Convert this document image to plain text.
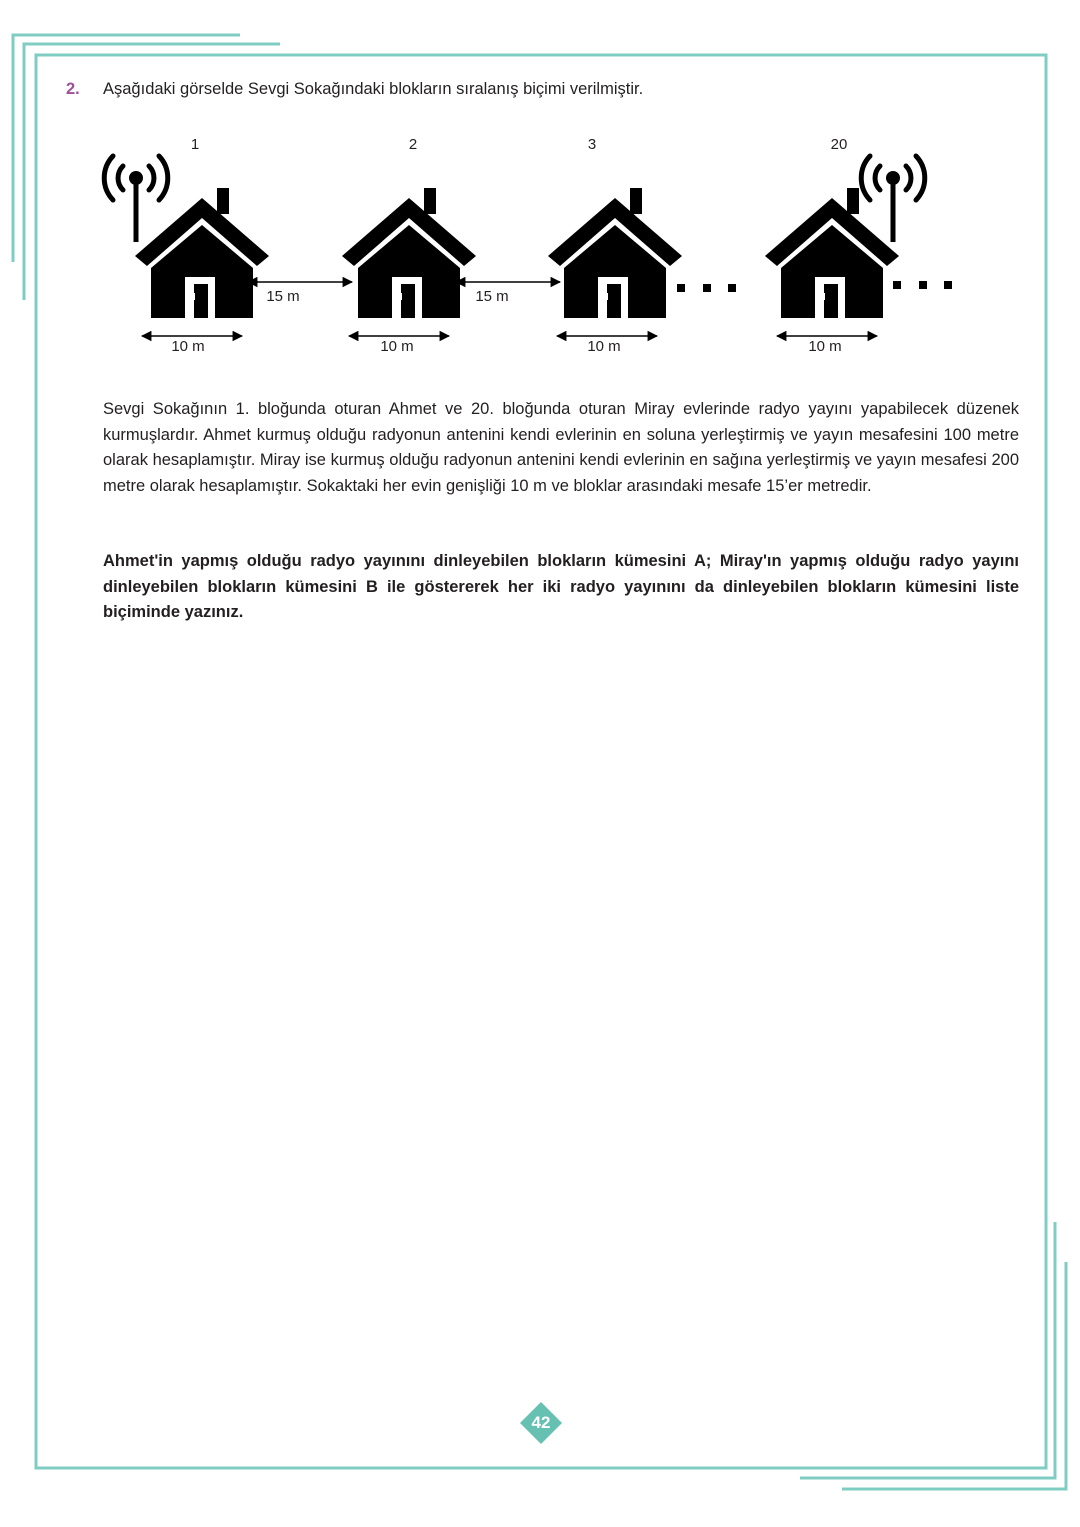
2.	Aşağıdaki görselde Sevgi Sokağındaki blokların sıralanış biçimi verilmiştir.
1	2	3	20
15 m	15 m
10 m	10 m	10 m	10 m

Sevgi Sokağının 1. bloğunda oturan Ahmet ve 20. bloğunda oturan Miray evlerinde radyo yayını yapabilecek düzenek kurmuşlardır. Ahmet kurmuş olduğu radyonun antenini kendi evlerinin en soluna yerleştirmiş ve yayın mesafesini 100 metre olarak hesaplamıştır. Miray ise kurmuş olduğu radyonun antenini kendi evlerinin en sağına yerleştirmiş ve yayın mesafesi 200 metre olarak hesaplamıştır. Sokaktaki her evin genişliği 10 m ve bloklar arasındaki mesafe 15’er metredir.

Ahmet'in yapmış olduğu radyo yayınını dinleyebilen blokların kümesini A; Miray'ın yapmış olduğu radyo yayını dinleyebilen blokların kümesini B ile göstererek her iki radyo yayınını da dinleyebilen blokların kümesini liste biçiminde yazınız.

42
